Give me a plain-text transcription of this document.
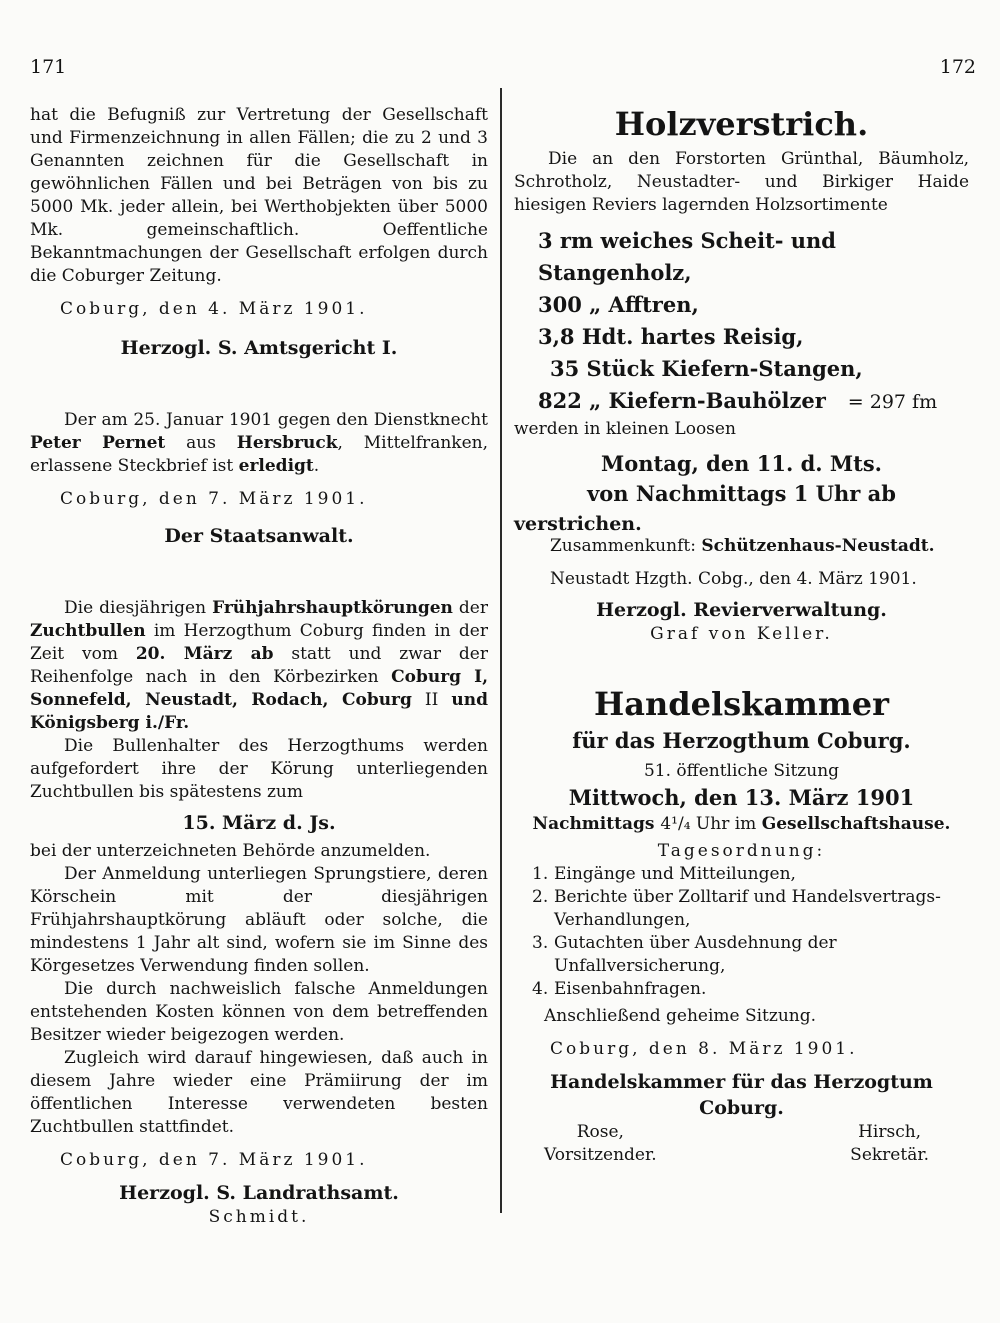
171	172

hat die Befugniß zur Vertretung der Gesellschaft und Firmenzeichnung in allen Fällen; die zu 2 und 3 Genannten zeichnen für die Gesellschaft in gewöhnlichen Fällen und bei Beträgen von bis zu 5000 Mk. jeder allein, bei Werthobjekten über 5000 Mk. gemeinschaftlich. Oeffentliche Bekanntmachungen der Gesellschaft erfolgen durch die Coburger Zeitung.

Coburg, den 4. März 1901.

Herzogl. S. Amtsgericht I.

Der am 25. Januar 1901 gegen den Dienstknecht Peter Pernet aus Hersbruck, Mittelfranken, erlassene Steckbrief ist erledigt.

Coburg, den 7. März 1901.

Der Staatsanwalt.

Die diesjährigen Frühjahrshauptkörungen der Zuchtbullen im Herzogthum Coburg finden in der Zeit vom 20. März ab statt und zwar der Reihenfolge nach in den Körbezirken Coburg I, Sonnefeld, Neustadt, Rodach, Coburg II und Königsberg i./Fr.

Die Bullenhalter des Herzogthums werden aufgefordert ihre der Körung unterliegenden Zuchtbullen bis spätestens zum

15. März d. Js.

bei der unterzeichneten Behörde anzumelden.

Der Anmeldung unterliegen Sprungstiere, deren Körschein mit der diesjährigen Frühjahrshauptkörung abläuft oder solche, die mindestens 1 Jahr alt sind, wofern sie im Sinne des Körgesetzes Verwendung finden sollen.

Die durch nachweislich falsche Anmeldungen entstehenden Kosten können von dem betreffenden Besitzer wieder beigezogen werden.

Zugleich wird darauf hingewiesen, daß auch in diesem Jahre wieder eine Prämiirung der im öffentlichen Interesse verwendeten besten Zuchtbullen stattfindet.

Coburg, den 7. März 1901.

Herzogl. S. Landrathsamt.

Schmidt.

Holzverstrich.

Die an den Forstorten Grünthal, Bäumholz, Schrotholz, Neustadter- und Birkiger Haide hiesigen Reviers lagernden Holzsortimente

3 rm weiches Scheit- und Stangenholz,

300 „ Afftren,

3,8 Hdt. hartes Reisig,

35 Stück Kiefern-Stangen,

822 „ Kiefern-Bauhölzer = 297 fm

werden in kleinen Loosen

Montag, den 11. d. Mts.

von Nachmittags 1 Uhr ab

verstrichen.

Zusammenkunft: Schützenhaus-Neustadt.

Neustadt Hzgth. Cobg., den 4. März 1901.

Herzogl. Revierverwaltung.

Graf von Keller.

Handelskammer

für das Herzogthum Coburg.

51. öffentliche Sitzung

Mittwoch, den 13. März 1901

Nachmittags 4¹/₄ Uhr im Gesellschaftshause.

Tagesordnung:

1. Eingänge und Mitteilungen,
2. Berichte über Zolltarif und Handelsvertrags-Verhandlungen,
3. Gutachten über Ausdehnung der Unfallversicherung,
4. Eisenbahnfragen.

Anschließend geheime Sitzung.

Coburg, den 8. März 1901.

Handelskammer für das Herzogtum Coburg.

Rose,
Vorsitzender.
Hirsch,
Sekretär.
